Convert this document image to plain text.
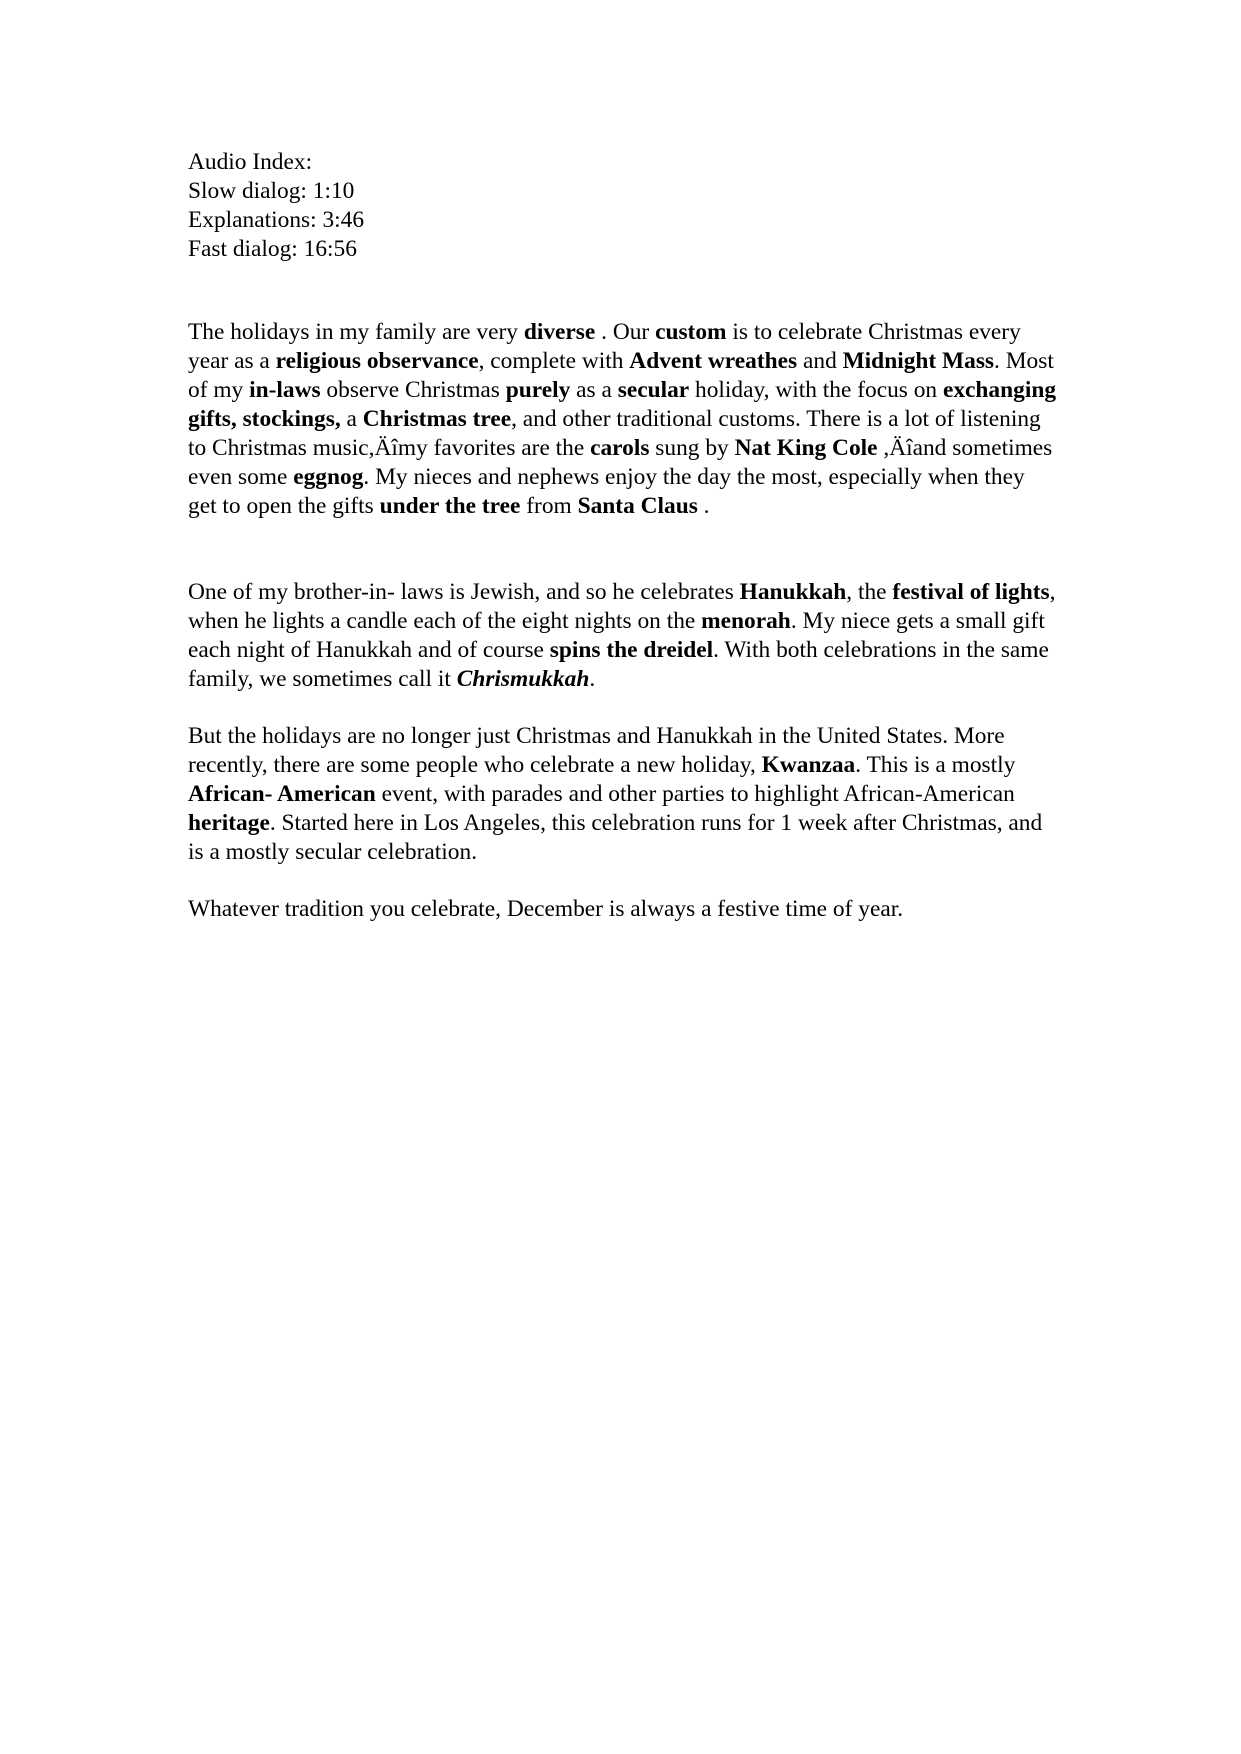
Audio Index:
Slow dialog: 1:10
Explanations: 3:46
Fast dialog: 16:56

The holidays in my family are very diverse . Our custom is to celebrate Christmas every year as a religious observance, complete with Advent wreathes and Midnight Mass. Most of my in-laws observe Christmas purely as a secular holiday, with the focus on exchanging gifts, stockings, a Christmas tree, and other traditional customs. There is a lot of listening to Christmas music,Äîmy favorites are the carols sung by Nat King Cole ,Äîand sometimes even some eggnog. My nieces and nephews enjoy the day the most, especially when they get to open the gifts under the tree from Santa Claus .

One of my brother-in- laws is Jewish, and so he celebrates Hanukkah, the festival of lights, when he lights a candle each of the eight nights on the menorah. My niece gets a small gift each night of Hanukkah and of course spins the dreidel. With both celebrations in the same family, we sometimes call it Chrismukkah.

But the holidays are no longer just Christmas and Hanukkah in the United States. More recently, there are some people who celebrate a new holiday, Kwanzaa. This is a mostly African- American event, with parades and other parties to highlight African-American heritage. Started here in Los Angeles, this celebration runs for 1 week after Christmas, and is a mostly secular celebration.

Whatever tradition you celebrate, December is always a festive time of year.
